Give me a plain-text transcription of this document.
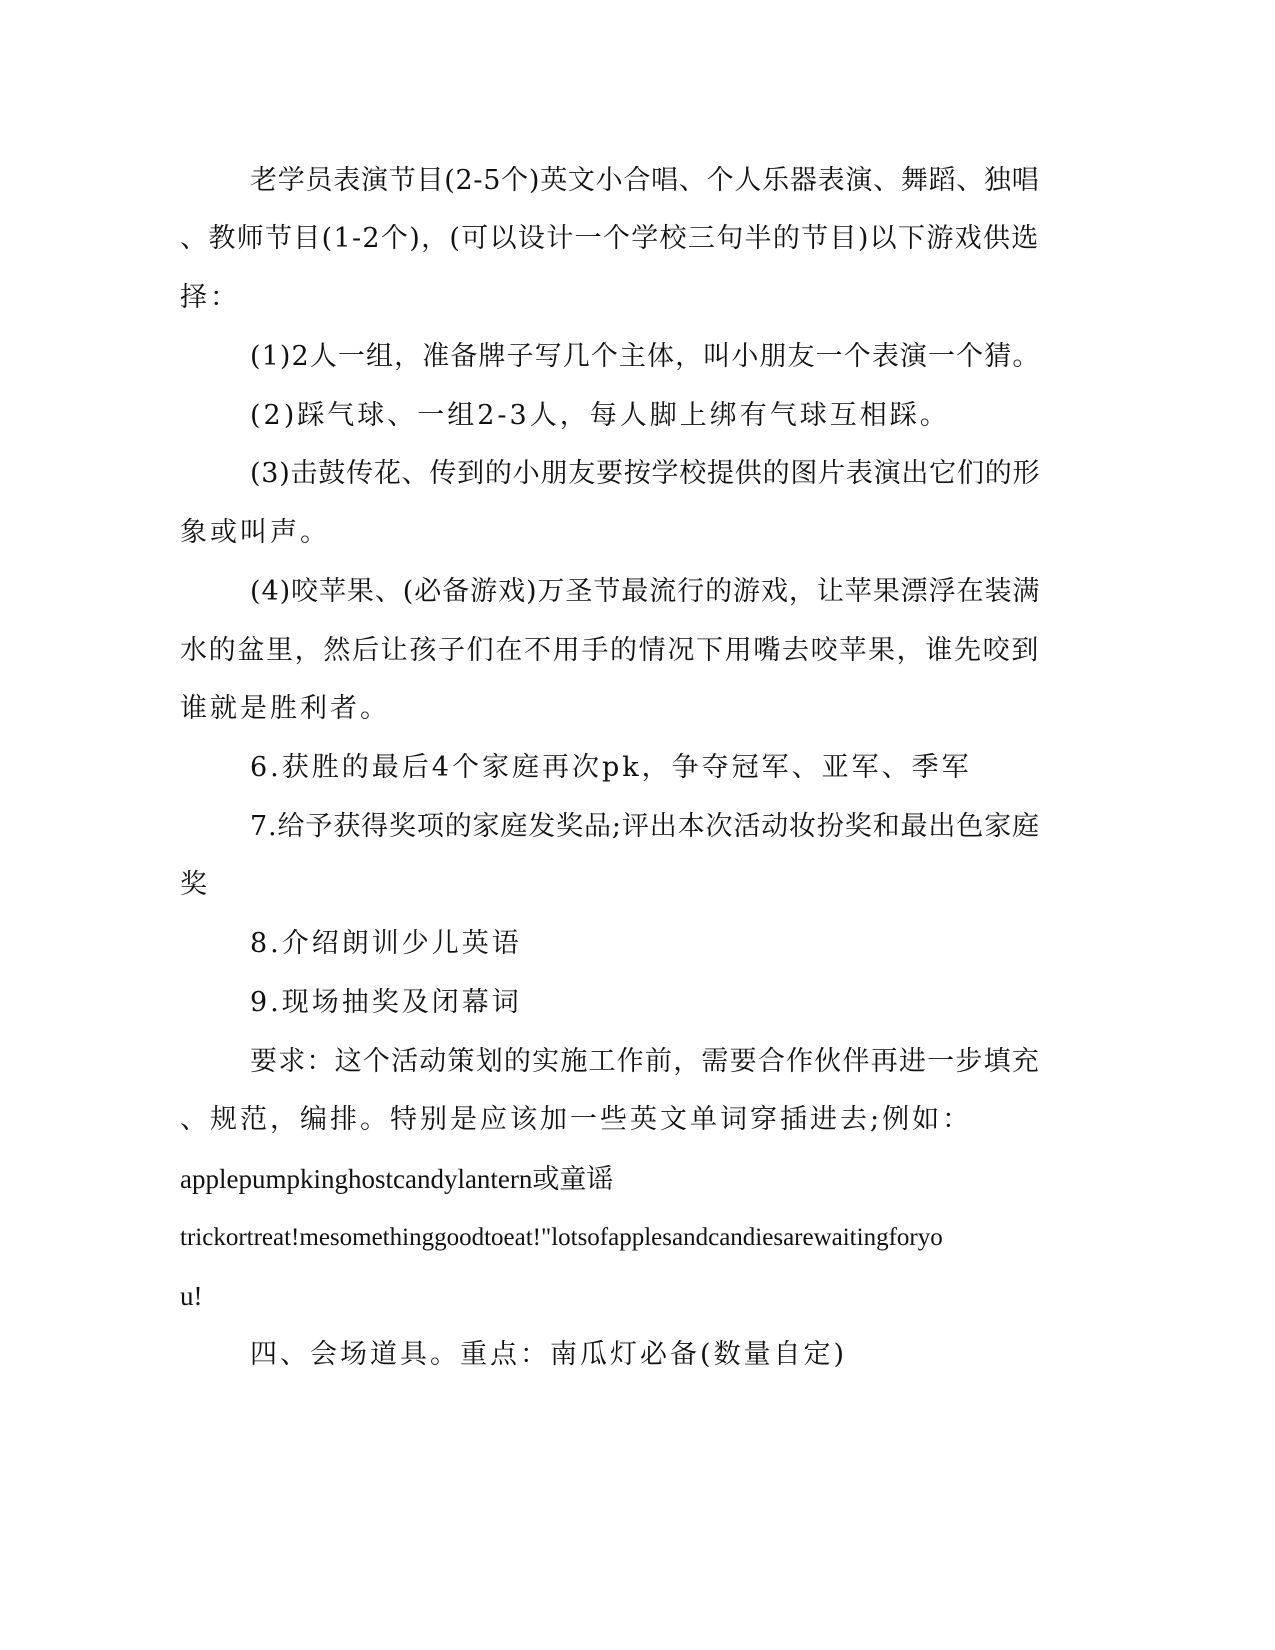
老学员表演节目(2-5个)英文小合唱、个人乐器表演、舞蹈、独唱
、教师节目(1-2个)，(可以设计一个学校三句半的节目)以下游戏供选
择：
(1)2人一组，准备牌子写几个主体，叫小朋友一个表演一个猜。
(2)踩气球、一组2-3人，每人脚上绑有气球互相踩。
(3)击鼓传花、传到的小朋友要按学校提供的图片表演出它们的形
象或叫声。
(4)咬苹果、(必备游戏)万圣节最流行的游戏，让苹果漂浮在装满
水的盆里，然后让孩子们在不用手的情况下用嘴去咬苹果，谁先咬到
谁就是胜利者。
6.获胜的最后4个家庭再次pk，争夺冠军、亚军、季军
7.给予获得奖项的家庭发奖品;评出本次活动妆扮奖和最出色家庭
奖
8.介绍朗训少儿英语
9.现场抽奖及闭幕词
要求：这个活动策划的实施工作前，需要合作伙伴再进一步填充
、规范，编排。特别是应该加一些英文单词穿插进去;例如：
applepumpkinghostcandylantern或童谣
trickortreat!mesomethinggoodtoeat!"lotsofapplesandcandiesarewaitingforyo
u!
四、会场道具。重点：南瓜灯必备(数量自定)
